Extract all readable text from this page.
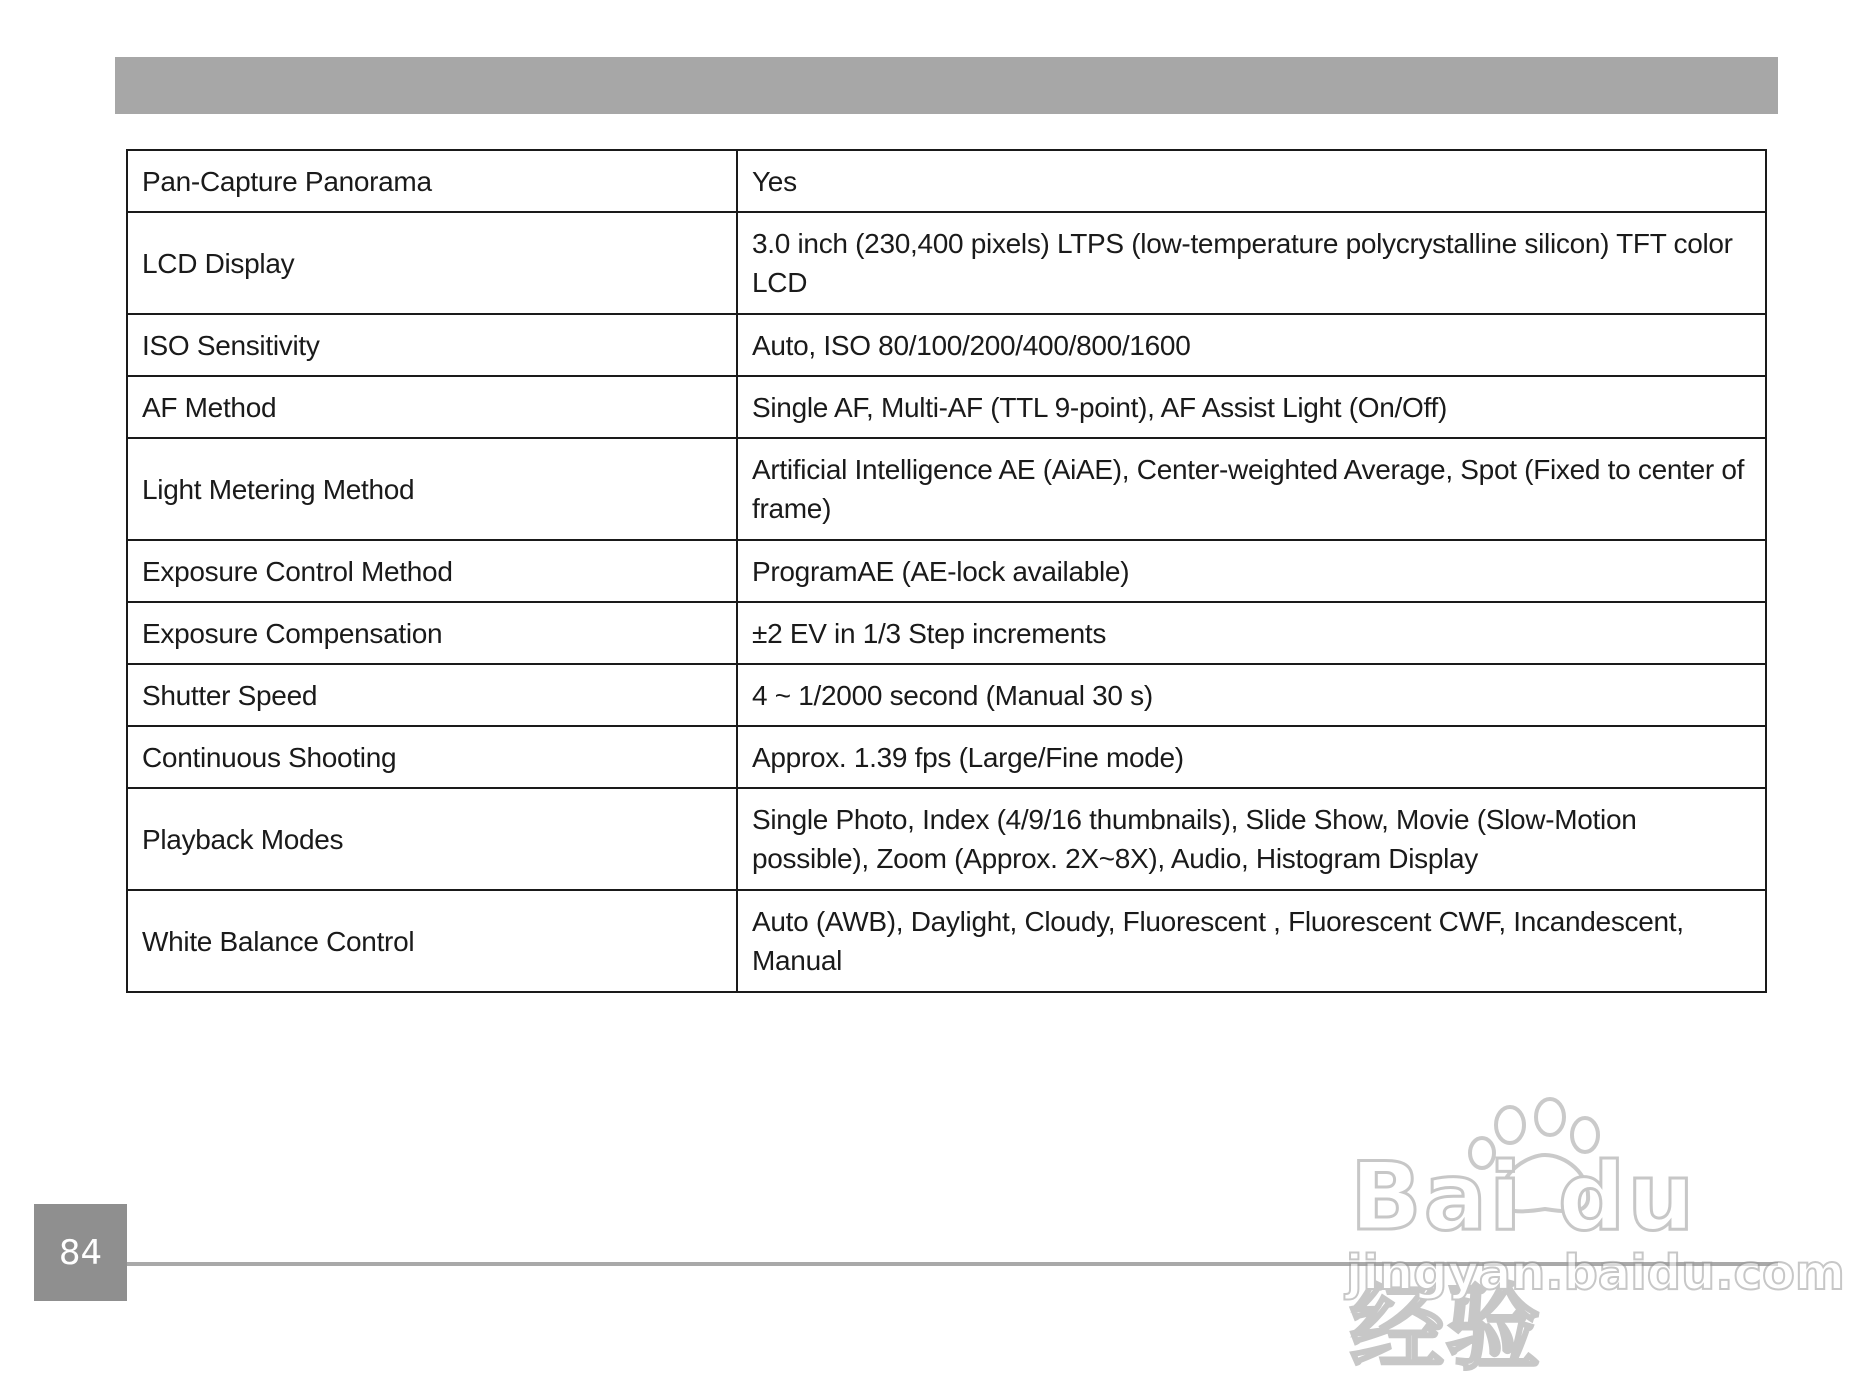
Pan-Capture Panorama	Yes
LCD Display	3.0 inch (230,400 pixels) LTPS (low-temperature polycrystalline silicon) TFT color LCD
ISO Sensitivity	Auto, ISO 80/100/200/400/800/1600
AF Method	Single AF, Multi-AF (TTL 9-point), AF Assist Light (On/Off)
Light Metering Method	Artificial Intelligence AE (AiAE), Center-weighted Average, Spot (Fixed to center of frame)
Exposure Control Method	ProgramAE (AE-lock available)
Exposure Compensation	±2 EV in 1/3 Step increments
Shutter Speed	4 ~ 1/2000 second (Manual 30 s)
Continuous Shooting	Approx. 1.39 fps (Large/Fine mode)
Playback Modes	Single Photo, Index (4/9/16 thumbnails), Slide Show, Movie (Slow-Motion possible), Zoom (Approx. 2X~8X), Audio, Histogram Display
White Balance Control	Auto (AWB), Daylight, Cloudy, Fluorescent , Fluorescent CWF, Incandescent, Manual
Bai du 经验
jingyan.baidu.com
84
